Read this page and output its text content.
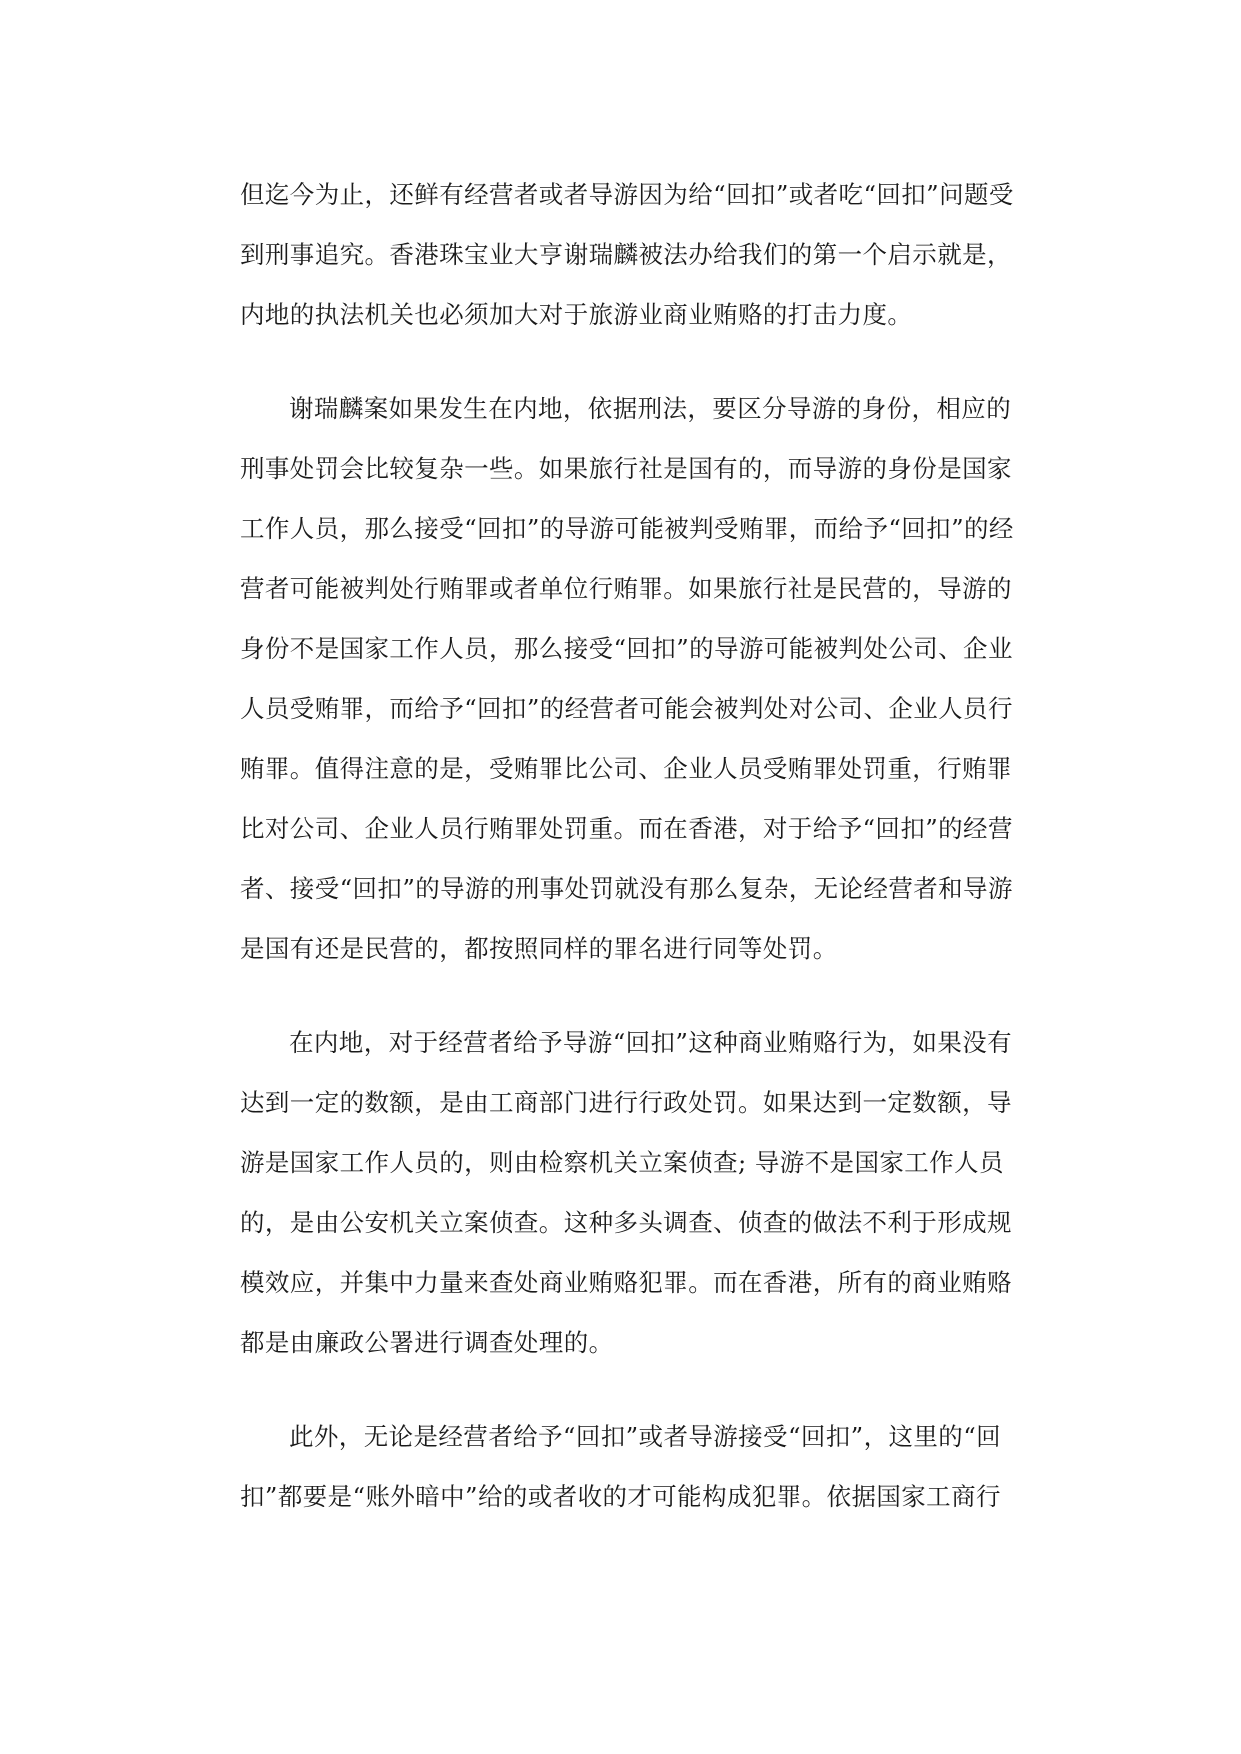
但迄今为止，还鲜有经营者或者导游因为给“回扣”或者吃“回扣”问题受
到刑事追究。香港珠宝业大亨谢瑞麟被法办给我们的第一个启示就是，
内地的执法机关也必须加大对于旅游业商业贿赂的打击力度。
谢瑞麟案如果发生在内地，依据刑法，要区分导游的身份，相应的
刑事处罚会比较复杂一些。如果旅行社是国有的，而导游的身份是国家
工作人员，那么接受“回扣”的导游可能被判受贿罪，而给予“回扣”的经
营者可能被判处行贿罪或者单位行贿罪。如果旅行社是民营的，导游的
身份不是国家工作人员，那么接受“回扣”的导游可能被判处公司、企业
人员受贿罪，而给予“回扣”的经营者可能会被判处对公司、企业人员行
贿罪。值得注意的是，受贿罪比公司、企业人员受贿罪处罚重，行贿罪
比对公司、企业人员行贿罪处罚重。而在香港，对于给予“回扣”的经营
者、接受“回扣”的导游的刑事处罚就没有那么复杂，无论经营者和导游
是国有还是民营的，都按照同样的罪名进行同等处罚。
在内地，对于经营者给予导游“回扣”这种商业贿赂行为，如果没有
达到一定的数额，是由工商部门进行行政处罚。如果达到一定数额，导
游是国家工作人员的，则由检察机关立案侦查; 导游不是国家工作人员
的，是由公安机关立案侦查。这种多头调查、侦查的做法不利于形成规
模效应，并集中力量来查处商业贿赂犯罪。而在香港，所有的商业贿赂
都是由廉政公署进行调查处理的。
此外，无论是经营者给予“回扣”或者导游接受“回扣”，这里的“回
扣”都要是“账外暗中”给的或者收的才可能构成犯罪。依据国家工商行
